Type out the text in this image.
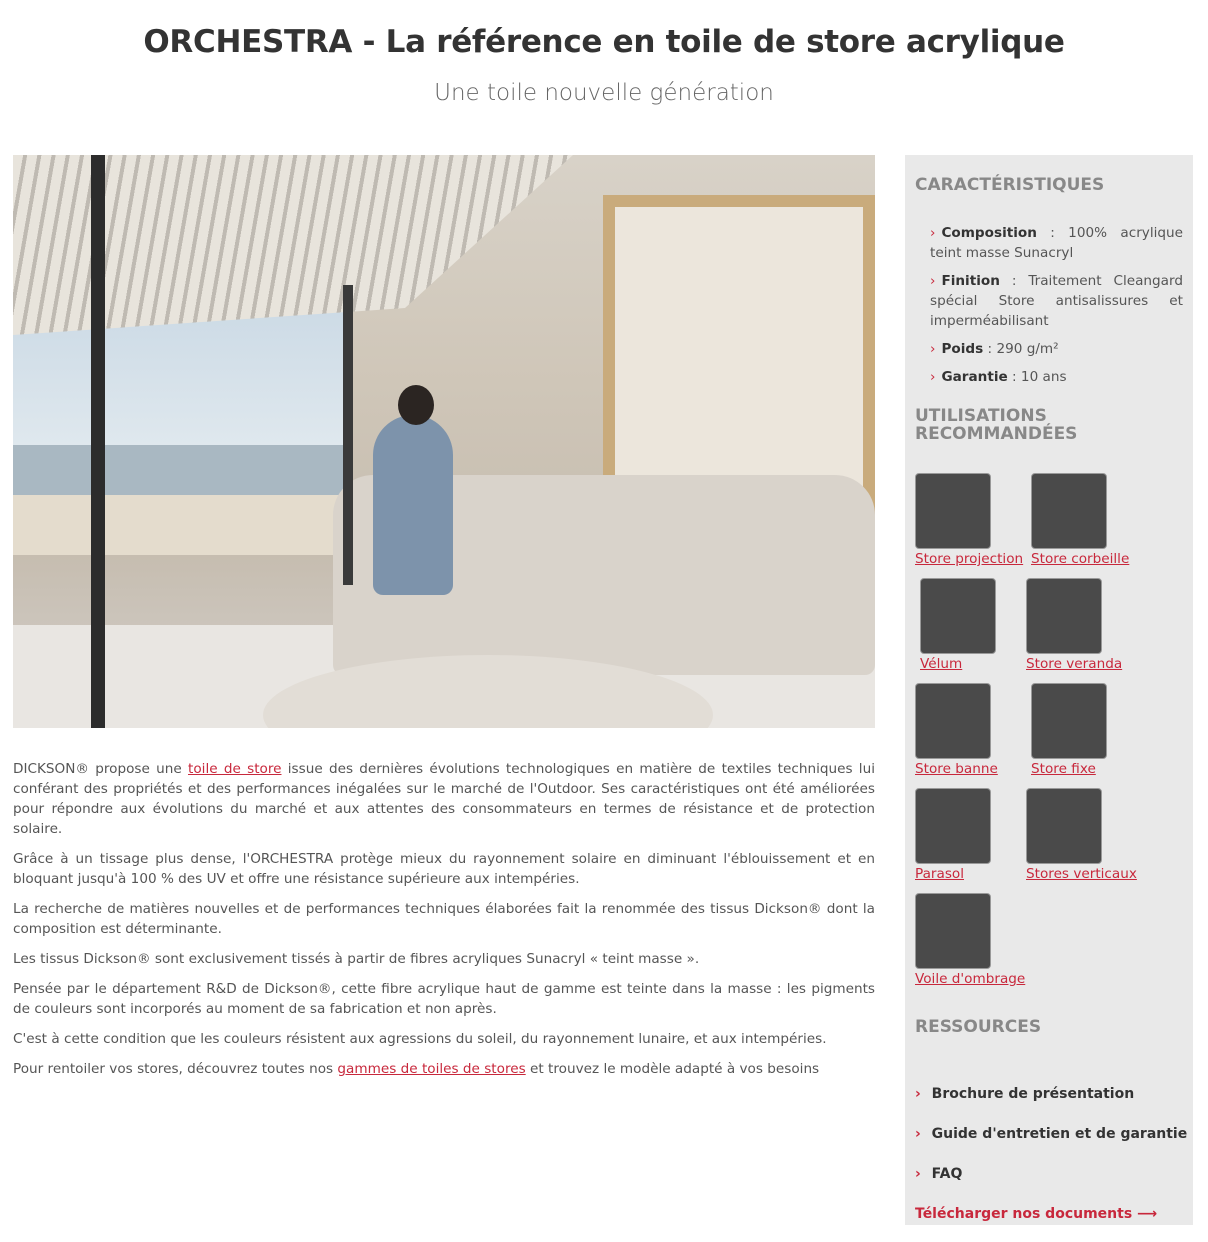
ORCHESTRA - La référence en toile de store acrylique
Une toile nouvelle génération

DICKSON® propose une toile de store issue des dernières évolutions technologiques en matière de textiles techniques lui conférant des propriétés et des performances inégalées sur le marché de l'Outdoor. Ses caractéristiques ont été améliorées pour répondre aux évolutions du marché et aux attentes des consommateurs en termes de résistance et de protection solaire.

Grâce à un tissage plus dense, l'ORCHESTRA protège mieux du rayonnement solaire en diminuant l'éblouissement et en bloquant jusqu'à 100 % des UV et offre une résistance supérieure aux intempéries.

La recherche de matières nouvelles et de performances techniques élaborées fait la renommée des tissus Dickson® dont la composition est déterminante.

Les tissus Dickson® sont exclusivement tissés à partir de fibres acryliques Sunacryl « teint masse ».

Pensée par le département R&D de Dickson®, cette fibre acrylique haut de gamme est teinte dans la masse : les pigments de couleurs sont incorporés au moment de sa fabrication et non après.

C'est à cette condition que les couleurs résistent aux agressions du soleil, du rayonnement lunaire, et aux intempéries.

Pour rentoiler vos stores, découvrez toutes nos gammes de toiles de stores et trouvez le modèle adapté à vos besoins

CARACTÉRISTIQUES
› Composition : 100% acrylique teint masse Sunacryl
› Finition : Traitement Cleangard spécial Store antisalissures et imperméabilisant
› Poids : 290 g/m²
› Garantie : 10 ans
UTILISATIONS RECOMMANDÉES
Store projection Store corbeille
Vélum	Store veranda
Store banne	Store fixe
Parasol	Stores verticaux
Voile d'ombrage
RESSOURCES
› Brochure de présentation
› Guide d'entretien et de garantie
› FAQ
Télécharger nos documents ⟶
